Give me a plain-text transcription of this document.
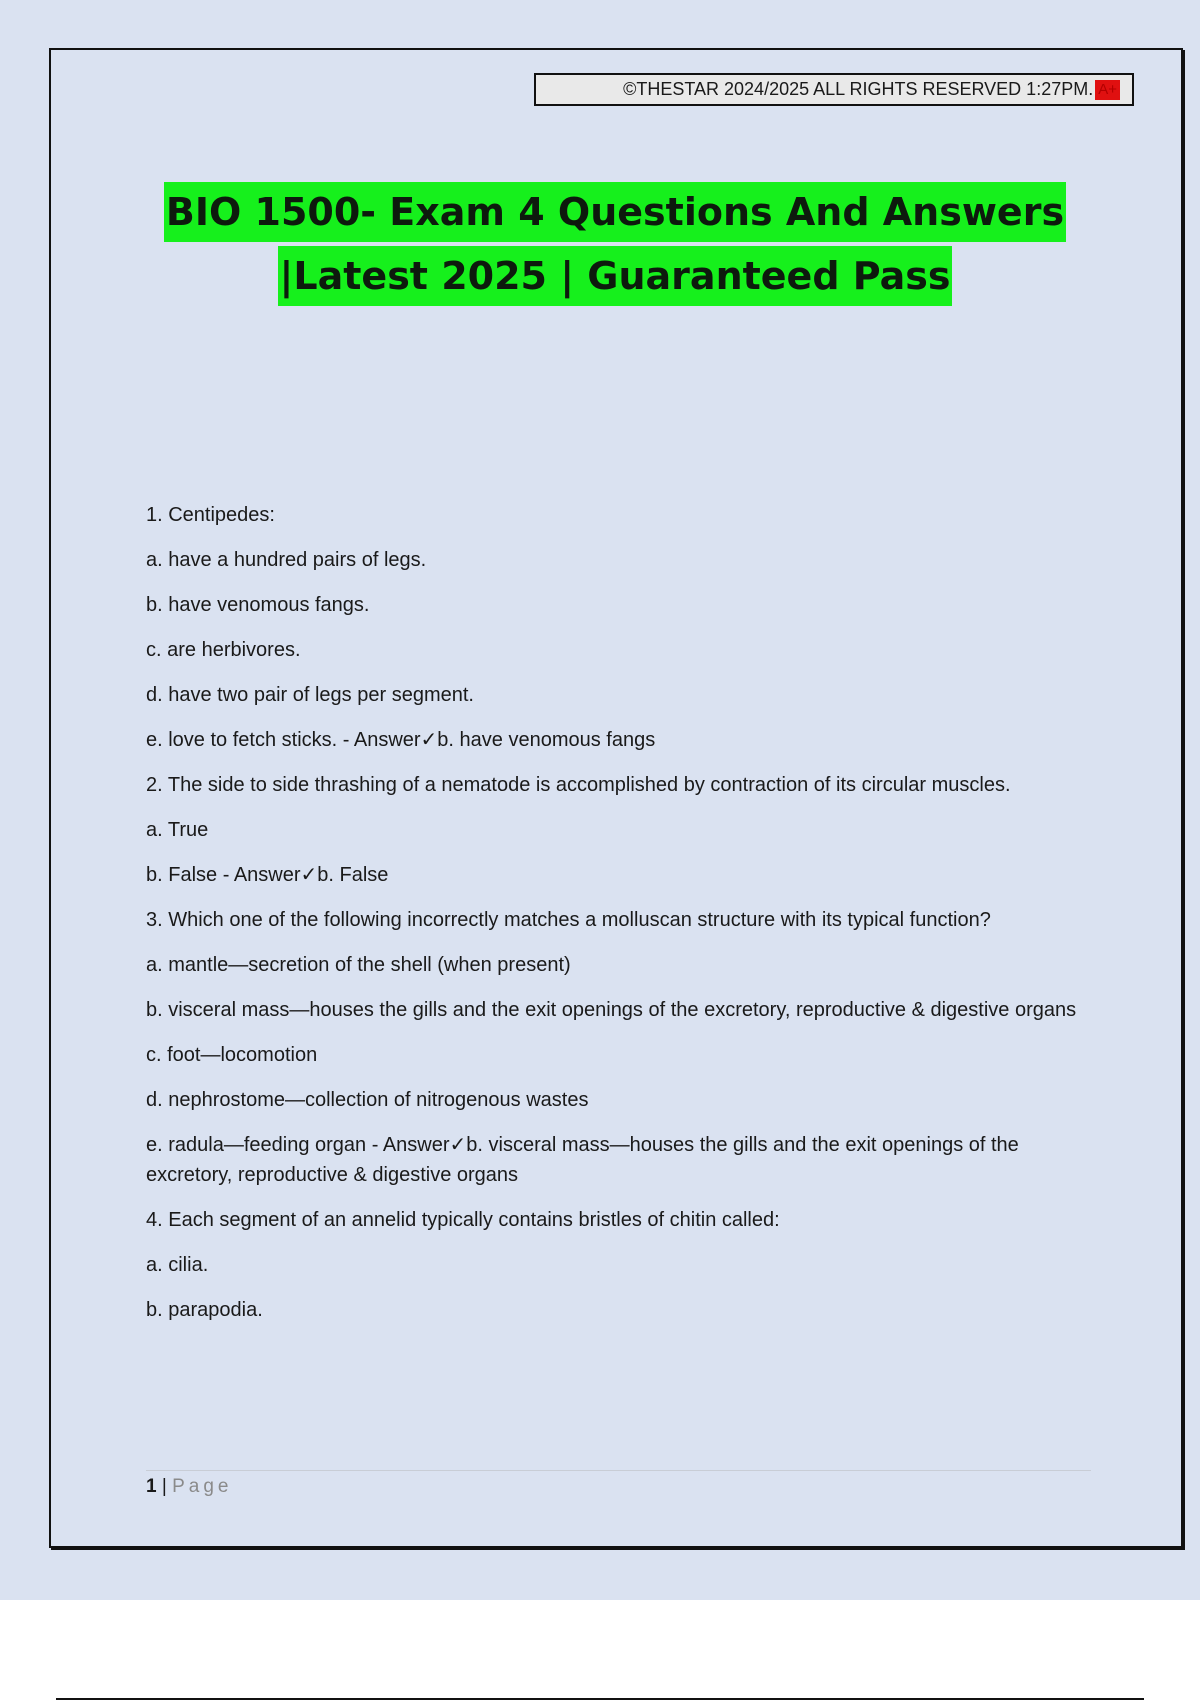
©THESTAR 2024/2025 ALL RIGHTS RESERVED 1:27PM. A+
BIO 1500- Exam 4 Questions And Answers
|Latest 2025 | Guaranteed Pass

1. Centipedes:

a. have a hundred pairs of legs.

b. have venomous fangs.

c. are herbivores.

d. have two pair of legs per segment.

e. love to fetch sticks. - Answer✓b. have venomous fangs

2. The side to side thrashing of a nematode is accomplished by contraction of its circular muscles.

a. True

b. False - Answer✓b. False

3. Which one of the following incorrectly matches a molluscan structure with its typical function?

a. mantle—secretion of the shell (when present)

b. visceral mass—houses the gills and the exit openings of the excretory, reproductive & digestive organs

c. foot—locomotion

d. nephrostome—collection of nitrogenous wastes

e. radula—feeding organ - Answer✓b. visceral mass—houses the gills and the exit openings of the excretory, reproductive & digestive organs

4. Each segment of an annelid typically contains bristles of chitin called:

a. cilia.

b. parapodia.

1 | Page
